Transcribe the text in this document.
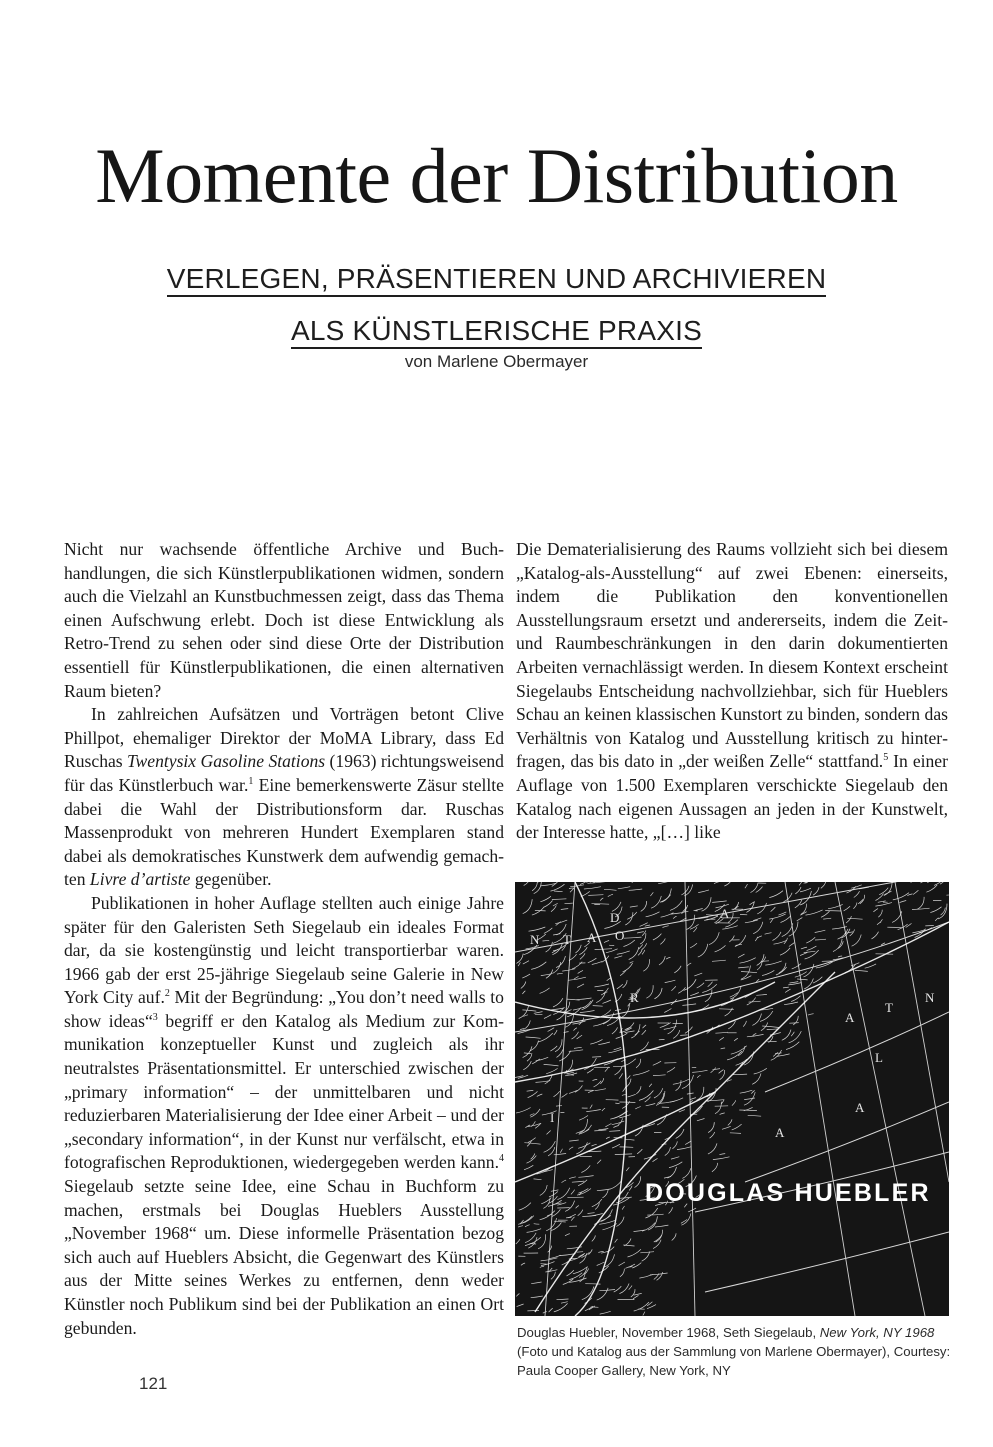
Momente der Distribution
VERLEGEN, PRÄSENTIEREN UND ARCHIVIEREN
ALS KÜNSTLERISCHE PRAXIS
von Marlene Obermayer

Nicht nur wachsende öffentliche Archive und Buchhandlungen, die sich Künstlerpublikationen widmen, sondern auch die Vielzahl an Kunstbuchmessen zeigt, dass das Thema einen Aufschwung erlebt. Doch ist diese Entwicklung als Retro-Trend zu sehen oder sind diese Orte der Distribution essentiell für Künstlerpublikationen, die einen alternativen Raum bieten?

In zahlreichen Aufsätzen und Vorträgen betont Clive Phillpot, ehemaliger Direktor der MoMA Library, dass Ed Ruschas Twentysix Gasoline Stations (1963) richtungsweisend für das Künstlerbuch war.$^1$ Eine bemerkenswerte Zäsur stellte dabei die Wahl der Distributionsform dar. Ruschas Massenprodukt von mehreren Hundert Exemplaren stand dabei als demokratisches Kunstwerk dem aufwendig gemachten Livre d’artiste gegenüber.

Publikationen in hoher Auflage stellten auch einige Jahre später für den Galeristen Seth Siegelaub ein ideales Format dar, da sie kostengünstig und leicht transportierbar waren. 1966 gab der erst 25-jährige Siegelaub seine Galerie in New York City auf.$^2$ Mit der Begründung: „You don’t need walls to show ideas“$^3$ begriff er den Katalog als Medium zur Kommunikation konzeptueller Kunst und zugleich als ihr neutralstes Präsentationsmittel. Er unterschied zwischen der „primary information“ – der unmittelbaren und nicht reduzierbaren Materialisierung der Idee einer Arbeit – und der „secondary information“, in der Kunst nur verfälscht, etwa in fotografischen Reproduktionen, wiedergegeben werden kann.$^4$ Siegelaub setzte seine Idee, eine Schau in Buchform zu machen, erstmals bei Douglas Hueblers Ausstellung „November 1968“ um. Diese informelle Präsentation bezog sich auch auf Hueblers Absicht, die Gegenwart des Künstlers aus der Mitte seines Werkes zu entfernen, denn weder Künstler noch Publikum sind bei der Publikation an einen Ort gebunden.

Die Dematerialisierung des Raums vollzieht sich bei diesem „Katalog-als-Ausstellung“ auf zwei Ebenen: einerseits, indem die Publikation den konventionellen Ausstellungsraum ersetzt und andererseits, indem die Zeit- und Raumbeschränkungen in den darin dokumentierten Arbeiten vernachlässigt werden. In diesem Kontext erscheint Siegelaubs Entscheidung nachvollziehbar, sich für Hueblers Schau an keinen klassischen Kunstort zu binden, sondern das Verhältnis von Katalog und Ausstellung kritisch zu hinterfragen, das bis dato in „der weißen Zelle“ stattfand.$^5$ In einer Auflage von 1.500 Exemplaren verschickte Siegelaub den Katalog nach eigenen Aussagen an jeden in der Kunstwelt, der Interesse hatte, „[…] like

D	A
O
N T A
R
I
A
T
L
A
N
A
DOUGLAS HUEBLER
Douglas Huebler, November 1968, Seth Siegelaub, New York, NY 1968 (Foto und Katalog aus der Sammlung von Marlene Obermayer), Courtesy: Paula Cooper Gallery, New York, NY
121
